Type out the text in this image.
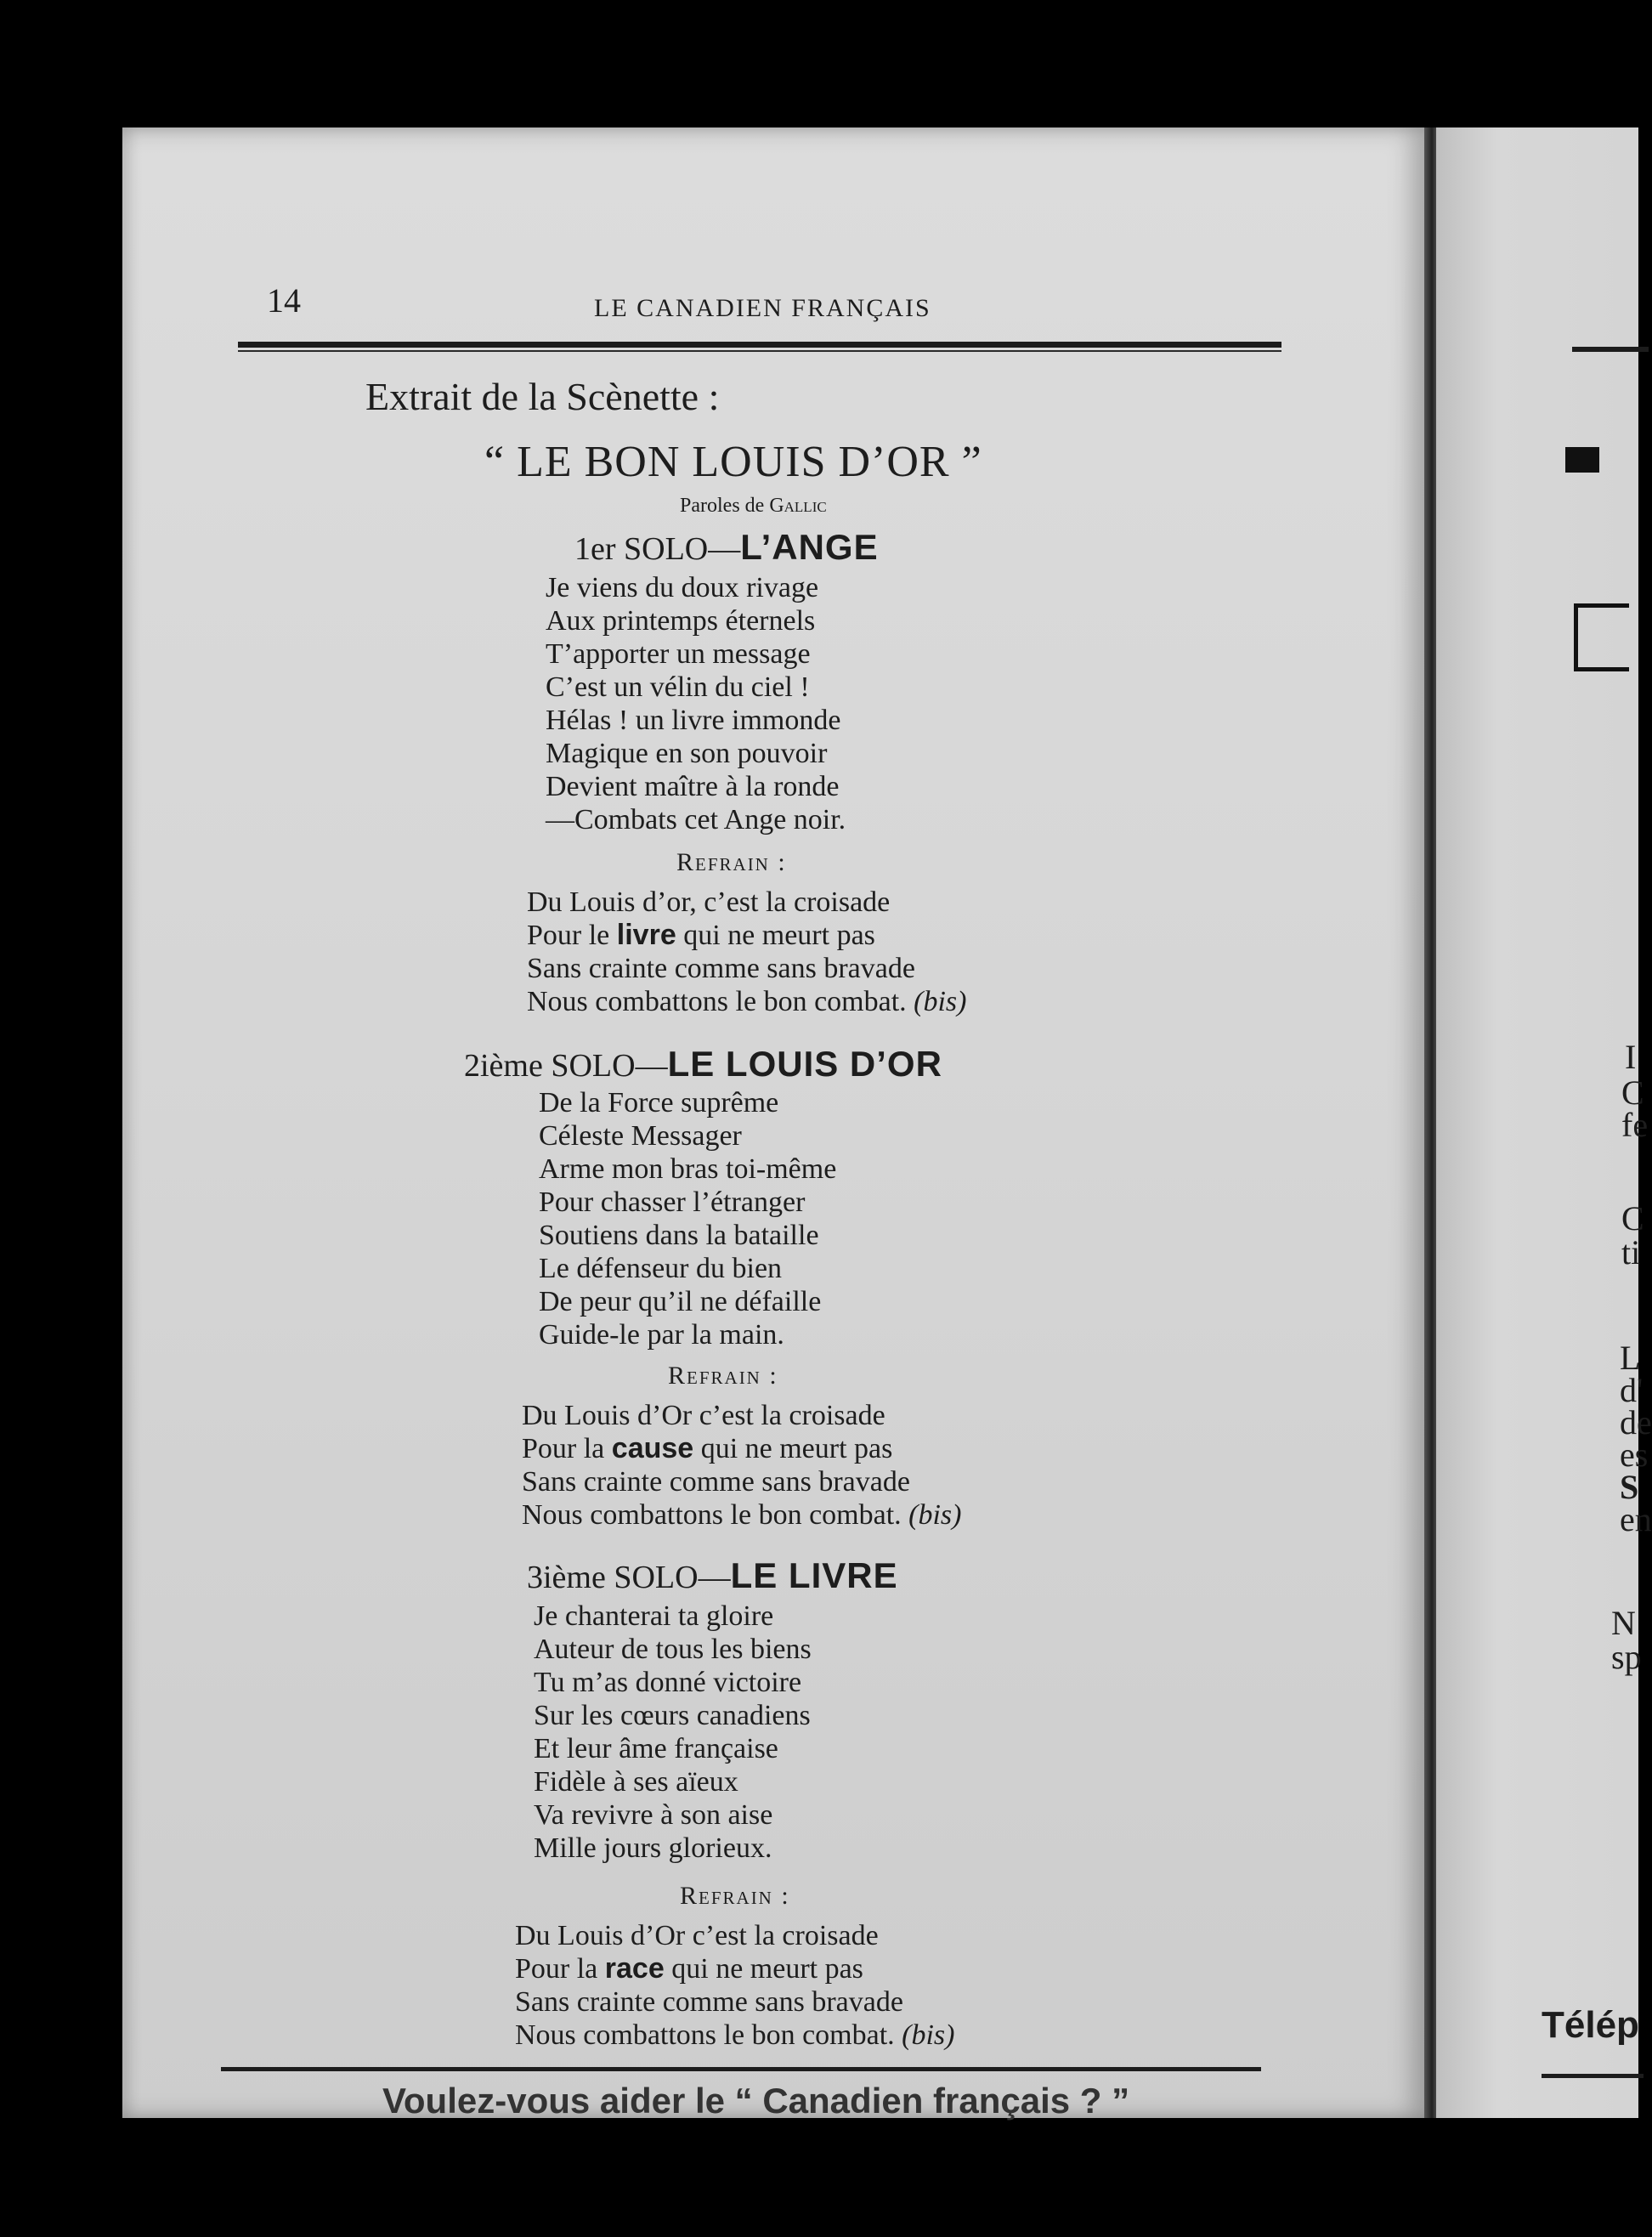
14	LE CANADIEN FRANÇAIS
Extrait de la Scènette :
“ LE BON LOUIS D’OR ”
Paroles de Gallic
1er SOLO—L’ANGE
Je viens du doux rivage
Aux printemps éternels
T’apporter un message
C’est un vélin du ciel !
Hélas ! un livre immonde
Magique en son pouvoir
Devient maître à la ronde
—Combats cet Ange noir.
Refrain :
Du Louis d’or, c’est la croisade
Pour le livre qui ne meurt pas
Sans crainte comme sans bravade
Nous combattons le bon combat. (bis)
2ième SOLO—LE LOUIS D’OR
De la Force suprême
Céleste Messager
Arme mon bras toi-même
Pour chasser l’étranger
Soutiens dans la bataille
Le défenseur du bien
De peur qu’il ne défaille
Guide-le par la main.
Refrain :
Du Louis d’Or c’est la croisade
Pour la cause qui ne meurt pas
Sans crainte comme sans bravade
Nous combattons le bon combat. (bis)
3ième SOLO—LE LIVRE
Je chanterai ta gloire
Auteur de tous les biens
Tu m’as donné victoire
Sur les cœurs canadiens
Et leur âme française
Fidèle à ses aïeux
Va revivre à son aise
Mille jours glorieux.
Refrain :
Du Louis d’Or c’est la croisade
Pour la race qui ne meurt pas
Sans crainte comme sans bravade
Nous combattons le bon combat. (bis)
Voulez-vous aider le “ Canadien français ? ”
I
C
fe
C
ti
L
d'
de
es
S
en
N
sp
Télép
